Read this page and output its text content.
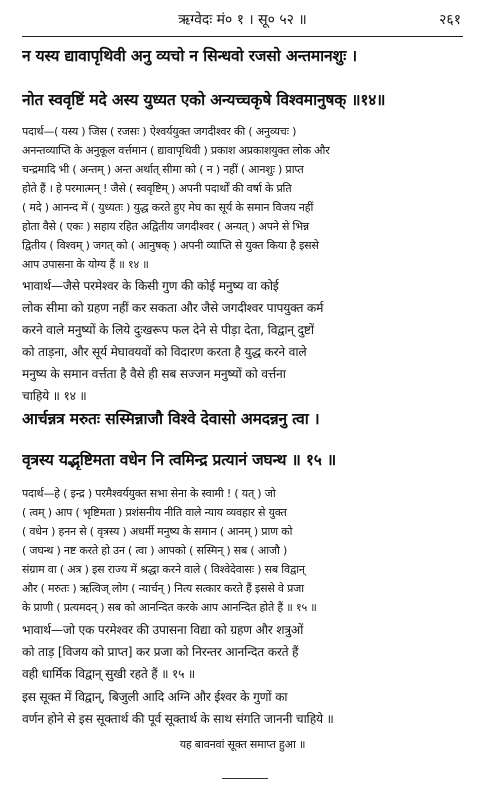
ऋग्वेदः मं० १ । सू० ५२ ॥	२६१
न यस्य द्यावापृथिवी अनु व्यचो न सिन्धवो रजसो अन्तमानशुः ।
नोत स्ववृष्टिं मदे अस्य युध्यत एको अन्यच्चकृषे विश्वमानुषक् ॥१४॥
पदार्थ—( यस्य ) जिस ( रजसः ) ऐश्वर्ययुक्त जगदीश्वर की ( अनुव्यचः )
अनन्तव्याप्ति के अनुकूल वर्त्तमान ( द्यावापृथिवी ) प्रकाश अप्रकाशयुक्त लोक और
चन्द्रमादि भी ( अन्तम् ) अन्त अर्थात् सीमा को ( न ) नहीं ( आनशुः ) प्राप्त
होते हैं । हे परमात्मन् ! जैसे ( स्ववृष्टिम् ) अपनी पदार्थों की वर्षा के प्रति
( मदे ) आनन्द में ( युध्यतः ) युद्ध करते हुए मेघ का सूर्य के समान विजय नहीं
होता वैसे ( एकः ) सहाय रहित अद्वितीय जगदीश्वर ( अन्यत् ) अपने से भिन्न
द्वितीय ( विश्वम् ) जगत् को ( आनुषक् ) अपनी व्याप्ति से युक्त किया है इससे
आप उपासना के योग्य हैं ॥ १४ ॥
भावार्थ—जैसे परमेश्वर के किसी गुण की कोई मनुष्य वा कोई
लोक सीमा को ग्रहण नहीं कर सकता और जैसे जगदीश्वर पापयुक्त कर्म
करने वाले मनुष्यों के लिये दुःखरूप फल देने से पीड़ा देता, विद्वान् दुष्टों
को ताड़ना, और सूर्य मेघावयवों को विदारण करता है युद्ध करने वाले
मनुष्य के समान वर्त्तता है वैसे ही सब सज्जन मनुष्यों को वर्त्तना
चाहिये ॥ १४ ॥
आर्चन्नत्र मरुतः सस्मिन्नाजौ विश्वे देवासो अमदन्ननु त्वा ।
वृत्रस्य यद्भृष्टिमता वधेन नि त्वमिन्द्र प्रत्यानं जघन्थ ॥ १५ ॥
पदार्थ—हे ( इन्द्र ) परमैश्वर्ययुक्त सभा सेना के स्वामी ! ( यत् ) जो
( त्वम् ) आप ( भृष्टिमता ) प्रशंसनीय नीति वाले न्याय व्यवहार से युक्त
( वधेन ) हनन से ( वृत्रस्य ) अधर्मी मनुष्य के समान ( आनम् ) प्राण को
( जघन्थ ) नष्ट करते हो उन ( त्वा ) आपको ( सस्मिन् ) सब ( आजौ )
संग्राम वा ( अत्र ) इस राज्य में श्रद्धा करने वाले ( विश्वेदेवासः ) सब विद्वान्
और ( मरुतः ) ऋत्विज् लोग ( न्यार्चन् ) नित्य सत्कार करते हैं इससे वे प्रजा
के प्राणी ( प्रत्यमदन् ) सब को आनन्दित करके आप आनन्दित होते हैं ॥ १५ ॥
भावार्थ—जो एक परमेश्वर की उपासना विद्या को ग्रहण और शत्रुओं
को ताड़ [विजय को प्राप्त] कर प्रजा को निरन्तर आनन्दित करते हैं
वही धार्मिक विद्वान् सुखी रहते हैं ॥ १५ ॥
इस सूक्त में विद्वान्, बिजुली आदि अग्नि और ईश्वर के गुणों का
वर्णन होने से इस सूक्तार्थ की पूर्व सूक्तार्थ के साथ संगति जाननी चाहिये ॥
यह बावनवां सूक्त समाप्त हुआ ॥
